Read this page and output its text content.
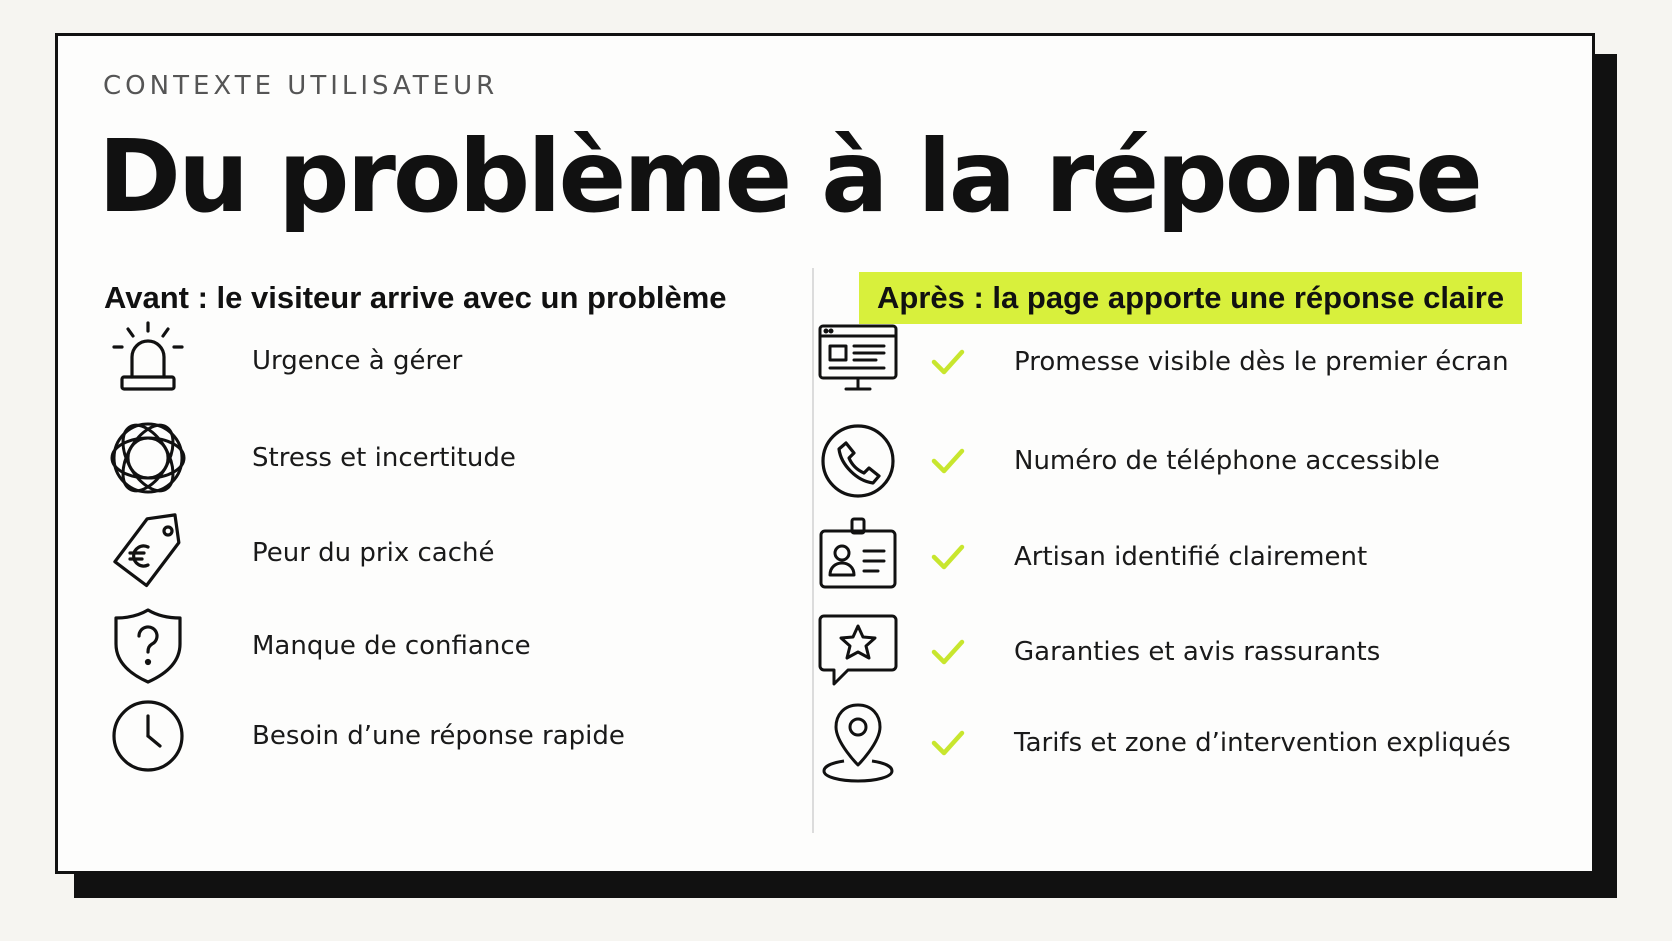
CONTEXTE UTILISATEUR
Du problème à la réponse
Avant : le visiteur arrive avec un problème	Après : la page apporte une réponse claire
Urgence à gérer
Stress et incertitude
Peur du prix caché
Manque de confiance
Besoin d’une réponse rapide
Promesse visible dès le premier écran
Numéro de téléphone accessible
Artisan identifié clairement
Garanties et avis rassurants
Tarifs et zone d’intervention expliqués
